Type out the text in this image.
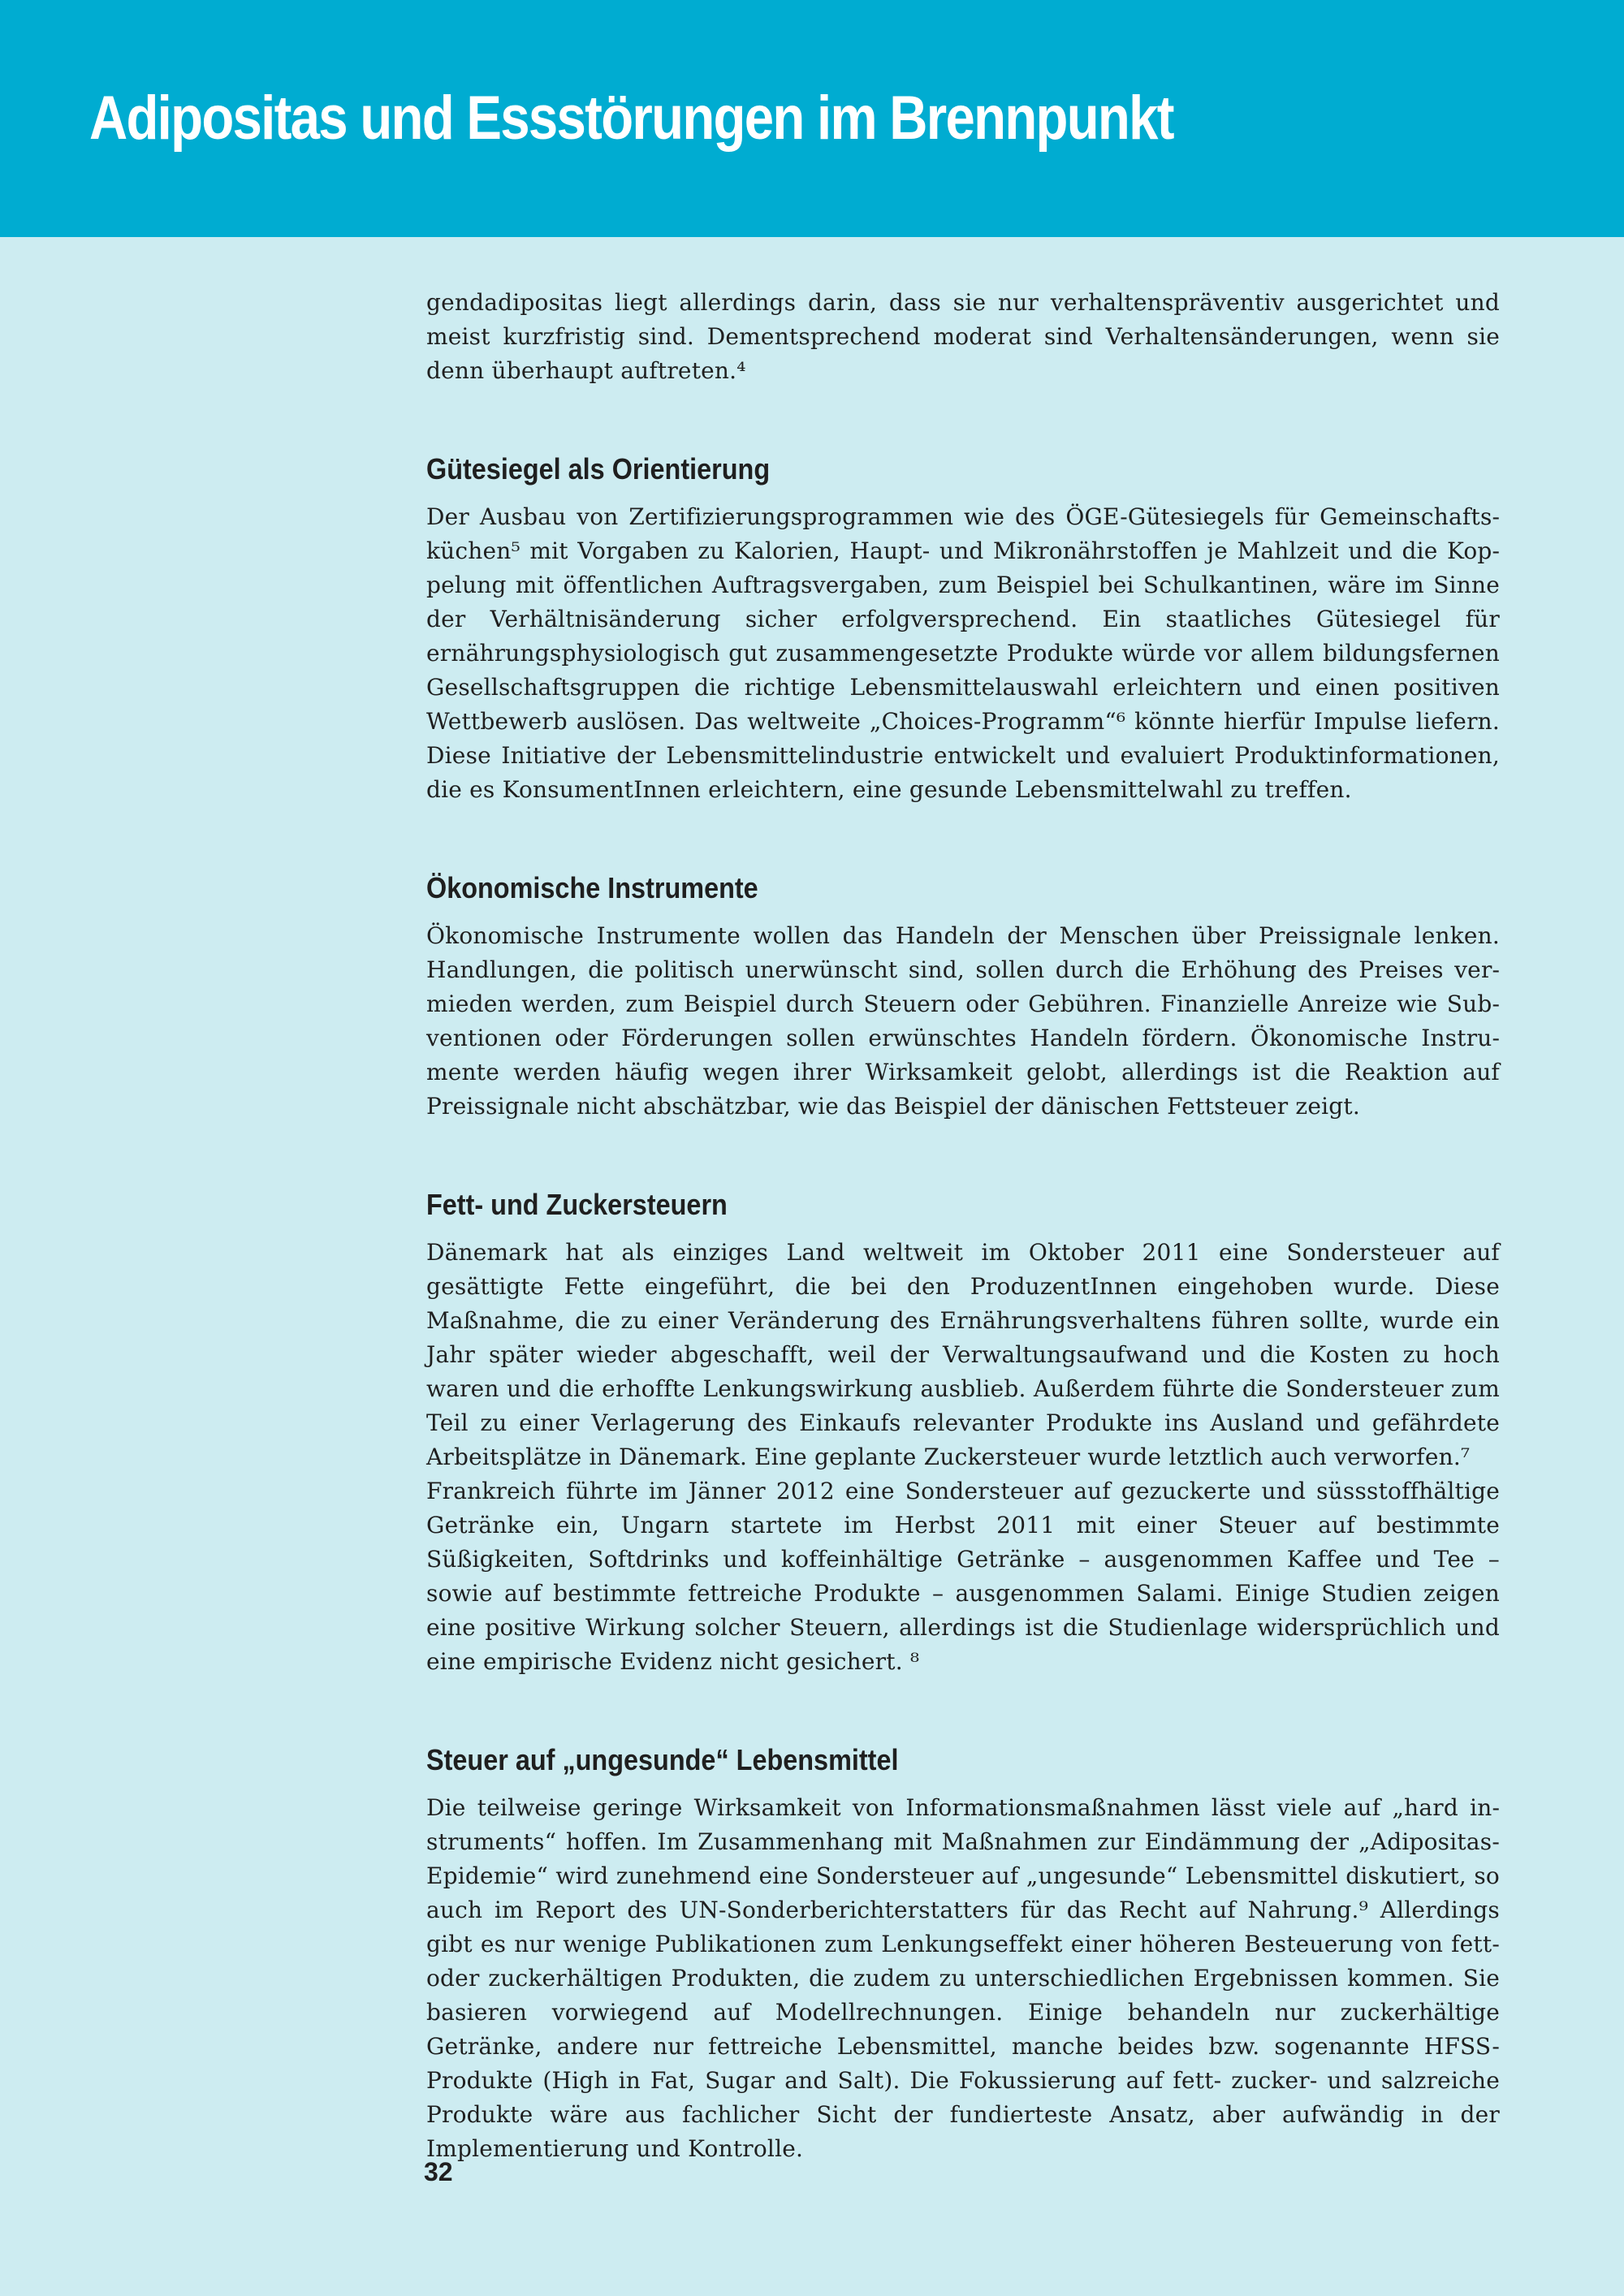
Adipositas und Essstörungen im Brennpunkt

gendadipositas liegt allerdings darin, dass sie nur verhaltenspräventiv ausgerichtet und meist kurzfristig sind. Dementsprechend moderat sind Verhaltensänderungen, wenn sie denn überhaupt auftreten.⁴

Gütesiegel als Orientierung

Der Ausbau von Zertifizierungsprogrammen wie des ÖGE-Gütesiegels für Gemeinschaftsküchen⁵ mit Vorgaben zu Kalorien, Haupt- und Mikronährstoffen je Mahlzeit und die Koppelung mit öffentlichen Auftragsvergaben, zum Beispiel bei Schulkantinen, wäre im Sinne der Verhältnisänderung sicher erfolgversprechend. Ein staatliches Gütesiegel für ernährungsphysiologisch gut zusammengesetzte Produkte würde vor allem bildungsfernen Gesellschaftsgruppen die richtige Lebensmittelauswahl erleichtern und einen positiven Wettbewerb auslösen. Das weltweite „Choices-Programm“⁶ könnte hierfür Impulse liefern. Diese Initiative der Lebensmittelindustrie entwickelt und evaluiert Produktinformationen, die es KonsumentInnen erleichtern, eine gesunde Lebensmittelwahl zu treffen.

Ökonomische Instrumente

Ökonomische Instrumente wollen das Handeln der Menschen über Preissignale lenken. Handlungen, die politisch unerwünscht sind, sollen durch die Erhöhung des Preises vermieden werden, zum Beispiel durch Steuern oder Gebühren. Finanzielle Anreize wie Subventionen oder Förderungen sollen erwünschtes Handeln fördern. Ökonomische Instrumente werden häufig wegen ihrer Wirksamkeit gelobt, allerdings ist die Reaktion auf Preissignale nicht abschätzbar, wie das Beispiel der dänischen Fettsteuer zeigt.

Fett- und Zuckersteuern

Dänemark hat als einziges Land weltweit im Oktober 2011 eine Sondersteuer auf gesättigte Fette eingeführt, die bei den ProduzentInnen eingehoben wurde. Diese Maßnahme, die zu einer Veränderung des Ernährungsverhaltens führen sollte, wurde ein Jahr später wieder abgeschafft, weil der Verwaltungsaufwand und die Kosten zu hoch waren und die erhoffte Lenkungswirkung ausblieb. Außerdem führte die Sondersteuer zum Teil zu einer Verlagerung des Einkaufs relevanter Produkte ins Ausland und gefährdete Arbeitsplätze in Dänemark. Eine geplante Zuckersteuer wurde letztlich auch verworfen.⁷

Frankreich führte im Jänner 2012 eine Sondersteuer auf gezuckerte und süssstoffhältige Getränke ein, Ungarn startete im Herbst 2011 mit einer Steuer auf bestimmte Süßigkeiten, Softdrinks und koffeinhältige Getränke – ausgenommen Kaffee und Tee – sowie auf bestimmte fettreiche Produkte – ausgenommen Salami. Einige Studien zeigen eine positive Wirkung solcher Steuern, allerdings ist die Studienlage widersprüchlich und eine empirische Evidenz nicht gesichert. ⁸

Steuer auf „ungesunde“ Lebensmittel

Die teilweise geringe Wirksamkeit von Informationsmaßnahmen lässt viele auf „hard instruments“ hoffen. Im Zusammenhang mit Maßnahmen zur Eindämmung der „Adipositas-Epidemie“ wird zunehmend eine Sondersteuer auf „ungesunde“ Lebensmittel diskutiert, so auch im Report des UN-Sonderberichterstatters für das Recht auf Nahrung.⁹ Allerdings gibt es nur wenige Publikationen zum Lenkungseffekt einer höheren Besteuerung von fett- oder zuckerhältigen Produkten, die zudem zu unterschiedlichen Ergebnissen kommen. Sie basieren vorwiegend auf Modellrechnungen. Einige behandeln nur zuckerhältige Getränke, andere nur fettreiche Lebensmittel, manche beides bzw. sogenannte HFSS-Produkte (High in Fat, Sugar and Salt). Die Fokussierung auf fett- zucker- und salzreiche Produkte wäre aus fachlicher Sicht der fundierteste Ansatz, aber aufwändig in der Implementierung und Kontrolle.

32
